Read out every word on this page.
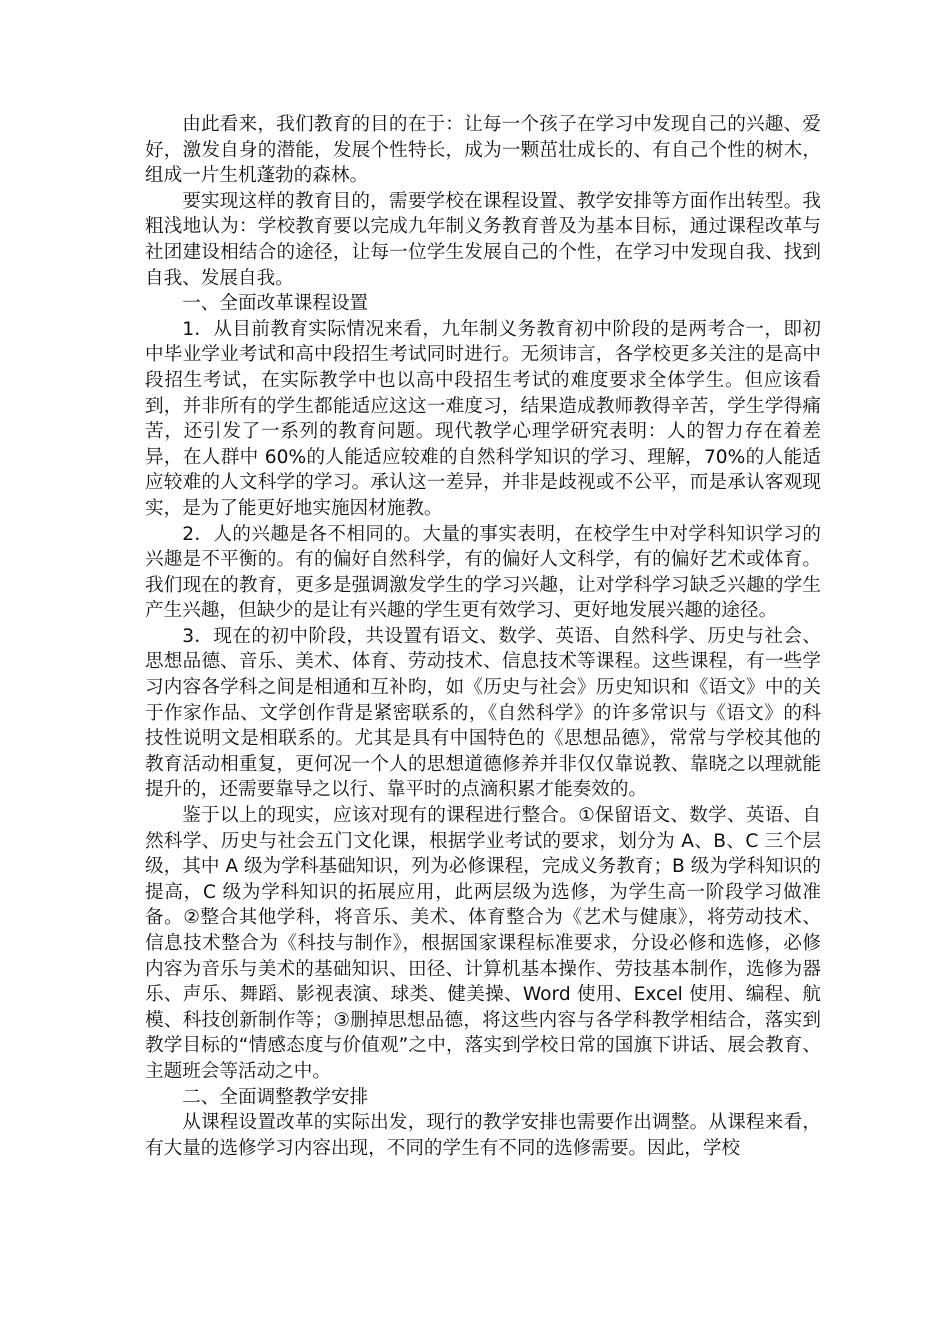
由此看来，我们教育的目的在于：让每一个孩子在学习中发现自己的兴趣、爱好，激发自身的潜能，发展个性特长，成为一颗茁壮成长的、有自己个性的树木，组成一片生机蓬勃的森林。

要实现这样的教育目的，需要学校在课程设置、教学安排等方面作出转型。我粗浅地认为：学校教育要以完成九年制义务教育普及为基本目标，通过课程改革与社团建设相结合的途径，让每一位学生发展自己的个性，在学习中发现自我、找到自我、发展自我。

一、全面改革课程设置

1．从目前教育实际情况来看，九年制义务教育初中阶段的是两考合一，即初中毕业学业考试和高中段招生考试同时进行。无须讳言，各学校更多关注的是高中段招生考试，在实际教学中也以高中段招生考试的难度要求全体学生。但应该看到，并非所有的学生都能适应这这一难度习，结果造成教师教得辛苦，学生学得痛苦，还引发了一系列的教育问题。现代教学心理学研究表明：人的智力存在着差异，在人群中 60%的人能适应较难的自然科学知识的学习、理解，70%的人能适应较难的人文科学的学习。承认这一差异，并非是歧视或不公平，而是承认客观现实，是为了能更好地实施因材施教。

2．人的兴趣是各不相同的。大量的事实表明，在校学生中对学科知识学习的兴趣是不平衡的。有的偏好自然科学，有的偏好人文科学，有的偏好艺术或体育。我们现在的教育，更多是强调激发学生的学习兴趣，让对学科学习缺乏兴趣的学生产生兴趣，但缺少的是让有兴趣的学生更有效学习、更好地发展兴趣的途径。

3．现在的初中阶段，共设置有语文、数学、英语、自然科学、历史与社会、思想品德、音乐、美术、体育、劳动技术、信息技术等课程。这些课程，有一些学习内容各学科之间是相通和互补昀，如《历史与社会》历史知识和《语文》中的关于作家作品、文学创作背是紧密联系的，《自然科学》的许多常识与《语文》的科技性说明文是相联系的。尤其是具有中国特色的《思想品德》，常常与学校其他的教育活动相重复，更何况一个人的思想道德修养并非仅仅靠说教、靠晓之以理就能提升的，还需要靠导之以行、靠平时的点滴积累才能奏效的。

鉴于以上的现实，应该对现有的课程进行整合。①保留语文、数学、英语、自然科学、历史与社会五门文化课，根据学业考试的要求，划分为 A、B、C 三个层级，其中 A 级为学科基础知识，列为必修课程，完成义务教育；B 级为学科知识的提高，C 级为学科知识的拓展应用，此两层级为选修，为学生高一阶段学习做准备。②整合其他学科，将音乐、美术、体育整合为《艺术与健康》，将劳动技术、信息技术整合为《科技与制作》，根据国家课程标准要求，分设必修和选修，必修内容为音乐与美术的基础知识、田径、计算机基本操作、劳技基本制作，选修为器乐、声乐、舞蹈、影视表演、球类、健美操、Word 使用、Excel 使用、编程、航模、科技创新制作等；③删掉思想品德，将这些内容与各学科教学相结合，落实到教学目标的“情感态度与价值观”之中，落实到学校日常的国旗下讲话、展会教育、主题班会等活动之中。

二、全面调整教学安排

从课程设置改革的实际出发，现行的教学安排也需要作出调整。从课程来看，有大量的选修学习内容出现，不同的学生有不同的选修需要。因此，学校
